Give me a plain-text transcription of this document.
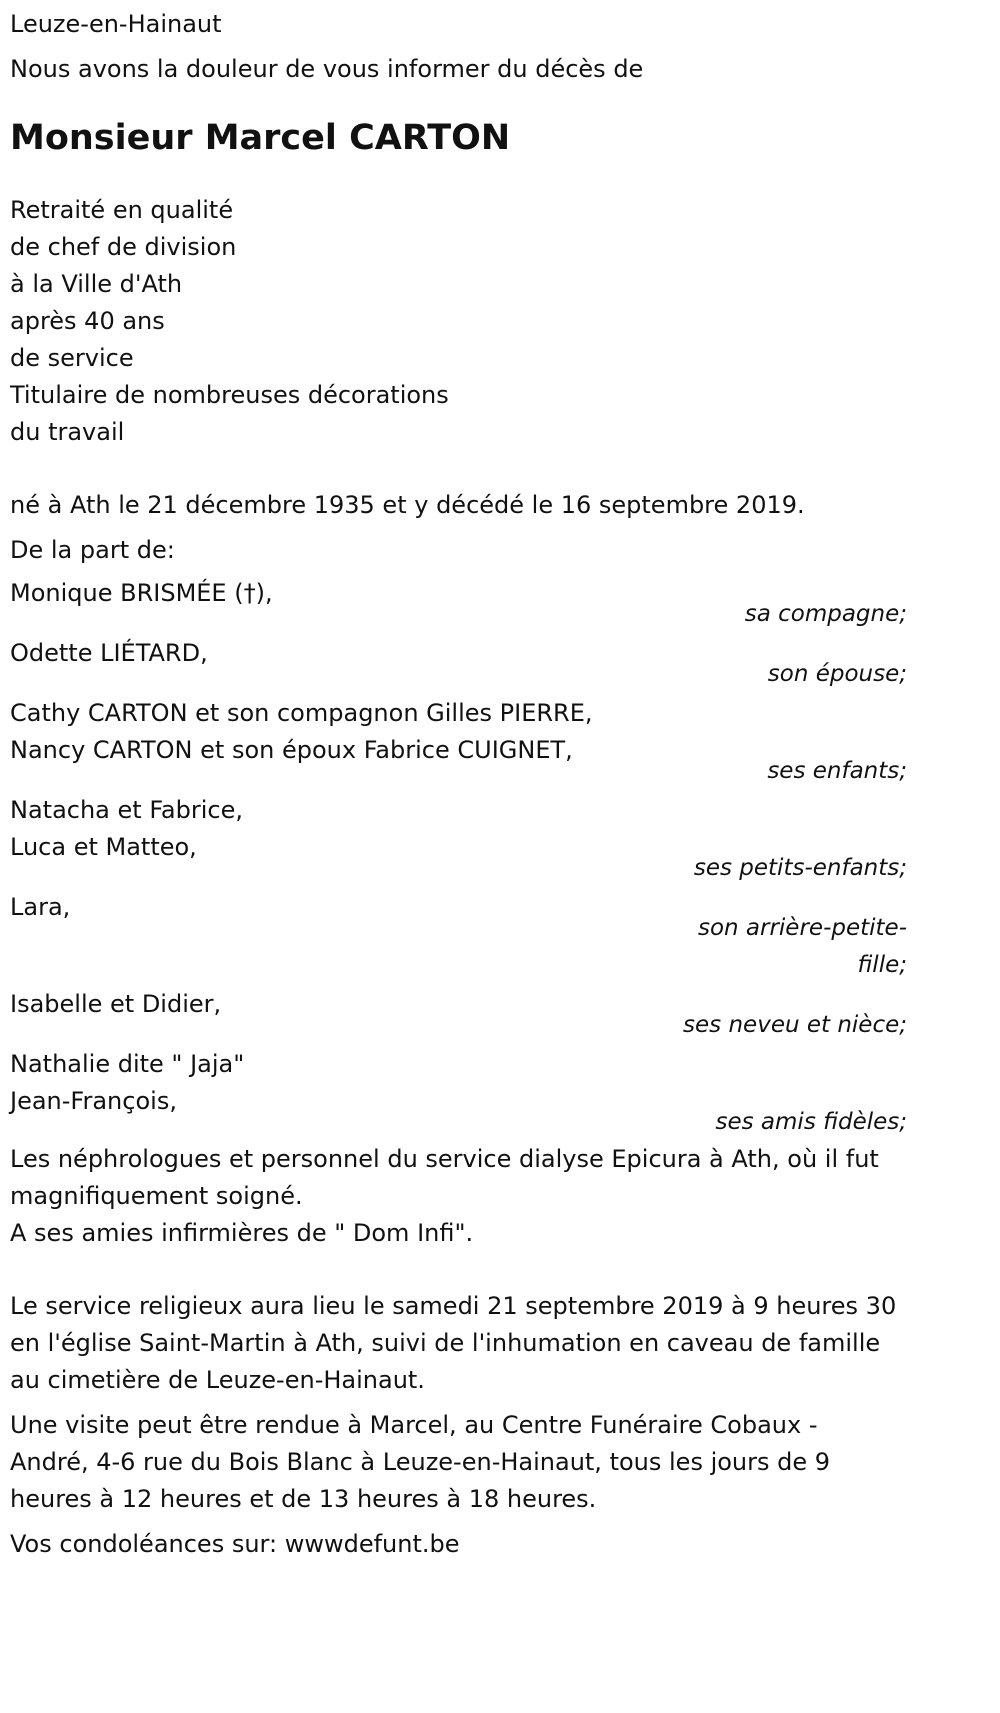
Leuze-en-Hainaut

Nous avons la douleur de vous informer du décès de

Monsieur Marcel CARTON

Retraité en qualité

de chef de division

à la Ville d'Ath

après 40 ans

de service

Titulaire de nombreuses décorations

du travail

né à Ath le 21 décembre 1935 et y décédé le 16 septembre 2019.

De la part de:

Monique BRISMÉE (†),

sa compagne;

Odette LIÉTARD,

son épouse;

Cathy CARTON et son compagnon Gilles PIERRE,

Nancy CARTON et son époux Fabrice CUIGNET,

ses enfants;

Natacha et Fabrice,

Luca et Matteo,

ses petits-enfants;

Lara,

son arrière-petite-

fille;

Isabelle et Didier,

ses neveu et nièce;

Nathalie dite " Jaja"

Jean-François,

ses amis fidèles;

Les néphrologues et personnel du service dialyse Epicura à Ath, où il fut

magnifiquement soigné.

A ses amies infirmières de " Dom Infi".

Le service religieux aura lieu le samedi 21 septembre 2019 à 9 heures 30

en l'église Saint-Martin à Ath, suivi de l'inhumation en caveau de famille

au cimetière de Leuze-en-Hainaut.

Une visite peut être rendue à Marcel, au Centre Funéraire Cobaux -

André, 4-6 rue du Bois Blanc à Leuze-en-Hainaut, tous les jours de 9

heures à 12 heures et de 13 heures à 18 heures.

Vos condoléances sur: wwwdefunt.be
